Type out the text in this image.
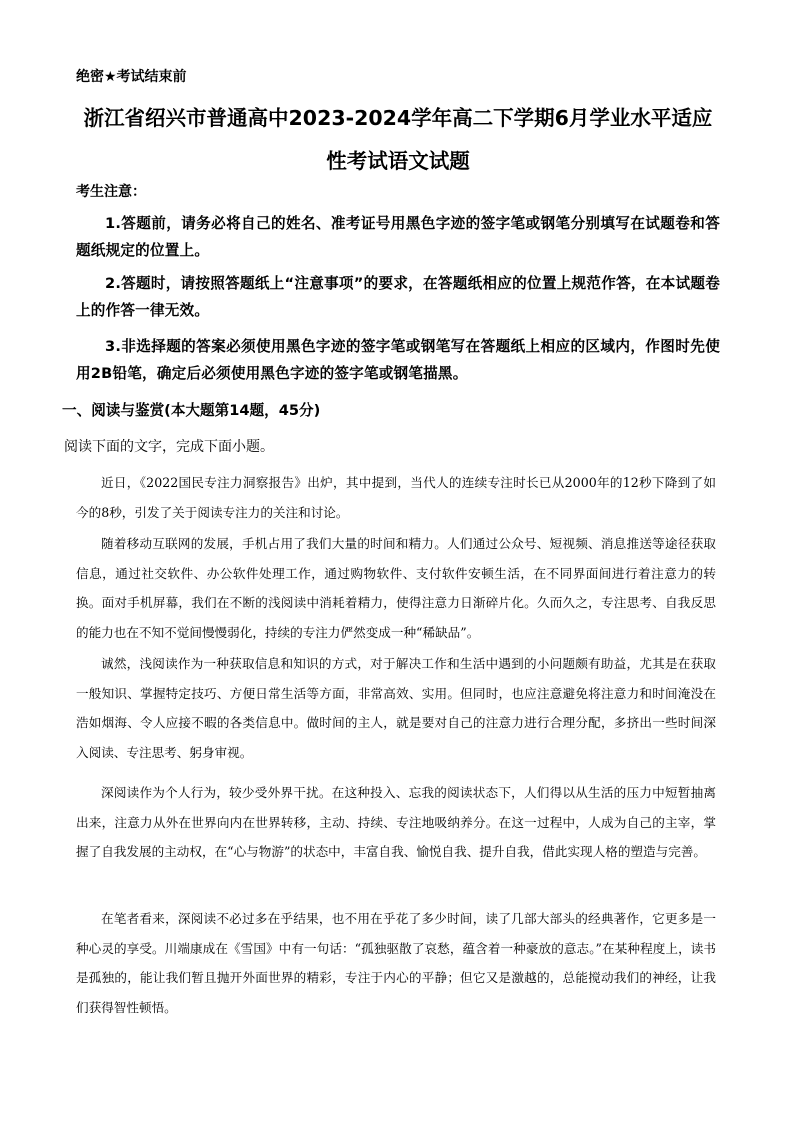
绝密★考试结束前
浙江省绍兴市普通高中2023-2024学年高二下学期6月学业水平适应
性考试语文试题
考生注意：
1.答题前，请务必将自己的姓名、准考证号用黑色字迹的签字笔或钢笔分别填写在试题卷和答题纸规定的位置上。
2.答题时，请按照答题纸上“注意事项”的要求，在答题纸相应的位置上规范作答，在本试题卷上的作答一律无效。
3.非选择题的答案必须使用黑色字迹的签字笔或钢笔写在答题纸上相应的区域内，作图时先使用2B铅笔，确定后必须使用黑色字迹的签字笔或钢笔描黑。
一、阅读与鉴赏(本大题第14题，45分)
阅读下面的文字，完成下面小题。
近日，《2022国民专注力洞察报告》出炉，其中提到，当代人的连续专注时长已从2000年的12秒下降到了如今的8秒，引发了关于阅读专注力的关注和讨论。
随着移动互联网的发展，手机占用了我们大量的时间和精力。人们通过公众号、短视频、消息推送等途径获取信息，通过社交软件、办公软件处理工作，通过购物软件、支付软件安顿生活，在不同界面间进行着注意力的转换。面对手机屏幕，我们在不断的浅阅读中消耗着精力，使得注意力日渐碎片化。久而久之，专注思考、自我反思的能力也在不知不觉间慢慢弱化，持续的专注力俨然变成一种“稀缺品”。
诚然，浅阅读作为一种获取信息和知识的方式，对于解决工作和生活中遇到的小问题颇有助益，尤其是在获取一般知识、掌握特定技巧、方便日常生活等方面，非常高效、实用。但同时，也应注意避免将注意力和时间淹没在浩如烟海、令人应接不暇的各类信息中。做时间的主人，就是要对自己的注意力进行合理分配，多挤出一些时间深入阅读、专注思考、躬身审视。
深阅读作为个人行为，较少受外界干扰。在这种投入、忘我的阅读状态下，人们得以从生活的压力中短暂抽离出来，注意力从外在世界向内在世界转移，主动、持续、专注地吸纳养分。在这一过程中，人成为自己的主宰，掌握了自我发展的主动权，在“心与物游”的状态中，丰富自我、愉悦自我、提升自我，借此实现人格的塑造与完善。
在笔者看来，深阅读不必过多在乎结果，也不用在乎花了多少时间，读了几部大部头的经典著作，它更多是一种心灵的享受。川端康成在《雪国》中有一句话：“孤独驱散了哀愁，蕴含着一种豪放的意志。”在某种程度上，读书是孤独的，能让我们暂且抛开外面世界的精彩，专注于内心的平静；但它又是激越的，总能搅动我们的神经，让我们获得智性顿悟。
